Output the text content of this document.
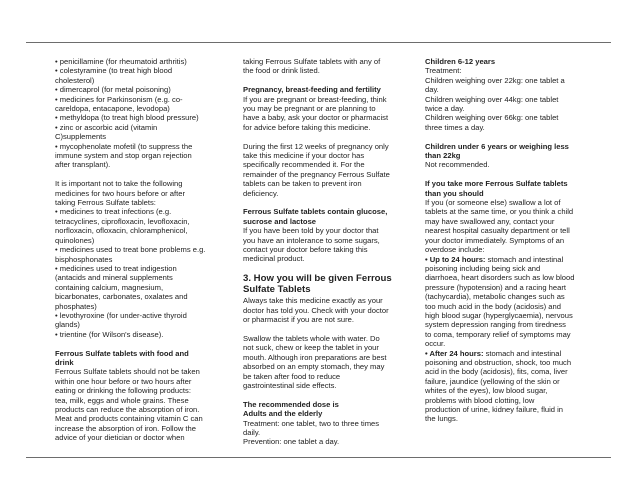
• penicillamine (for rheumatoid arthritis)
• colestyramine (to treat high blood
cholesterol)
• dimercaprol (for metal poisoning)
• medicines for Parkinsonism (e.g. co-
careldopa, entacapone, levodopa)
• methyldopa (to treat high blood pressure)
• zinc or ascorbic acid (vitamin
C)supplements
• mycophenolate mofetil (to suppress the
immune system and stop organ rejection
after transplant).
It is important not to take the following
medicines for two hours before or after
taking Ferrous Sulfate tablets:
• medicines to treat infections (e.g.
tetracyclines, ciprofloxacin, levofloxacin,
norfloxacin, ofloxacin, chloramphenicol,
quinolones)
• medicines used to treat bone problems e.g.
bisphosphonates
• medicines used to treat indigestion
(antacids and mineral supplements
containing calcium, magnesium,
bicarbonates, carbonates, oxalates and
phosphates)
• levothyroxine (for under-active thyroid
glands)
• trientine (for Wilson's disease).
Ferrous Sulfate tablets with food and
drink
Ferrous Sulfate tablets should not be taken
within one hour before or two hours after
eating or drinking the following products:
tea, milk, eggs and whole grains. These
products can reduce the absorption of iron.
Meat and products containing vitamin C can
increase the absorption of iron. Follow the
advice of your dietician or doctor when
taking Ferrous Sulfate tablets with any of
the food or drink listed.
Pregnancy, breast-feeding and fertility
If you are pregnant or breast-feeding, think
you may be pregnant or are planning to
have a baby, ask your doctor or pharmacist
for advice before taking this medicine.
During the first 12 weeks of pregnancy only
take this medicine if your doctor has
specifically recommended it. For the
remainder of the pregnancy Ferrous Sulfate
tablets can be taken to prevent iron
deficiency.
Ferrous Sulfate tablets contain glucose,
sucrose and lactose
If you have been told by your doctor that
you have an intolerance to some sugars,
contact your doctor before taking this
medicinal product.
3. How you will be given Ferrous
Sulfate Tablets
Always take this medicine exactly as your
doctor has told you. Check with your doctor
or pharmacist if you are not sure.
Swallow the tablets whole with water. Do
not suck, chew or keep the tablet in your
mouth. Although iron preparations are best
absorbed on an empty stomach, they may
be taken after food to reduce
gastrointestinal side effects.
The recommended dose is
Adults and the elderly
Treatment: one tablet, two to three times
daily.
Prevention: one tablet a day.
Children 6-12 years
Treatment:
Children weighing over 22kg: one tablet a
day.
Children weighing over 44kg: one tablet
twice a day.
Children weighing over 66kg: one tablet
three times a day.
Children under 6 years or weighing less
than 22kg
Not recommended.
If you take more Ferrous Sulfate tablets
than you should
If you (or someone else) swallow a lot of
tablets at the same time, or you think a child
may have swallowed any, contact your
nearest hospital casualty department or tell
your doctor immediately. Symptoms of an
overdose include:
• Up to 24 hours: stomach and intestinal
poisoning including being sick and
diarrhoea, heart disorders such as low blood
pressure (hypotension) and a racing heart
(tachycardia), metabolic changes such as
too much acid in the body (acidosis) and
high blood sugar (hyperglycaemia), nervous
system depression ranging from tiredness
to coma, temporary relief of symptoms may
occur.
• After 24 hours: stomach and intestinal
poisoning and obstruction, shock, too much
acid in the body (acidosis), fits, coma, liver
failure, jaundice (yellowing of the skin or
whites of the eyes), low blood sugar,
problems with blood clotting, low
production of urine, kidney failure, fluid in
the lungs.
